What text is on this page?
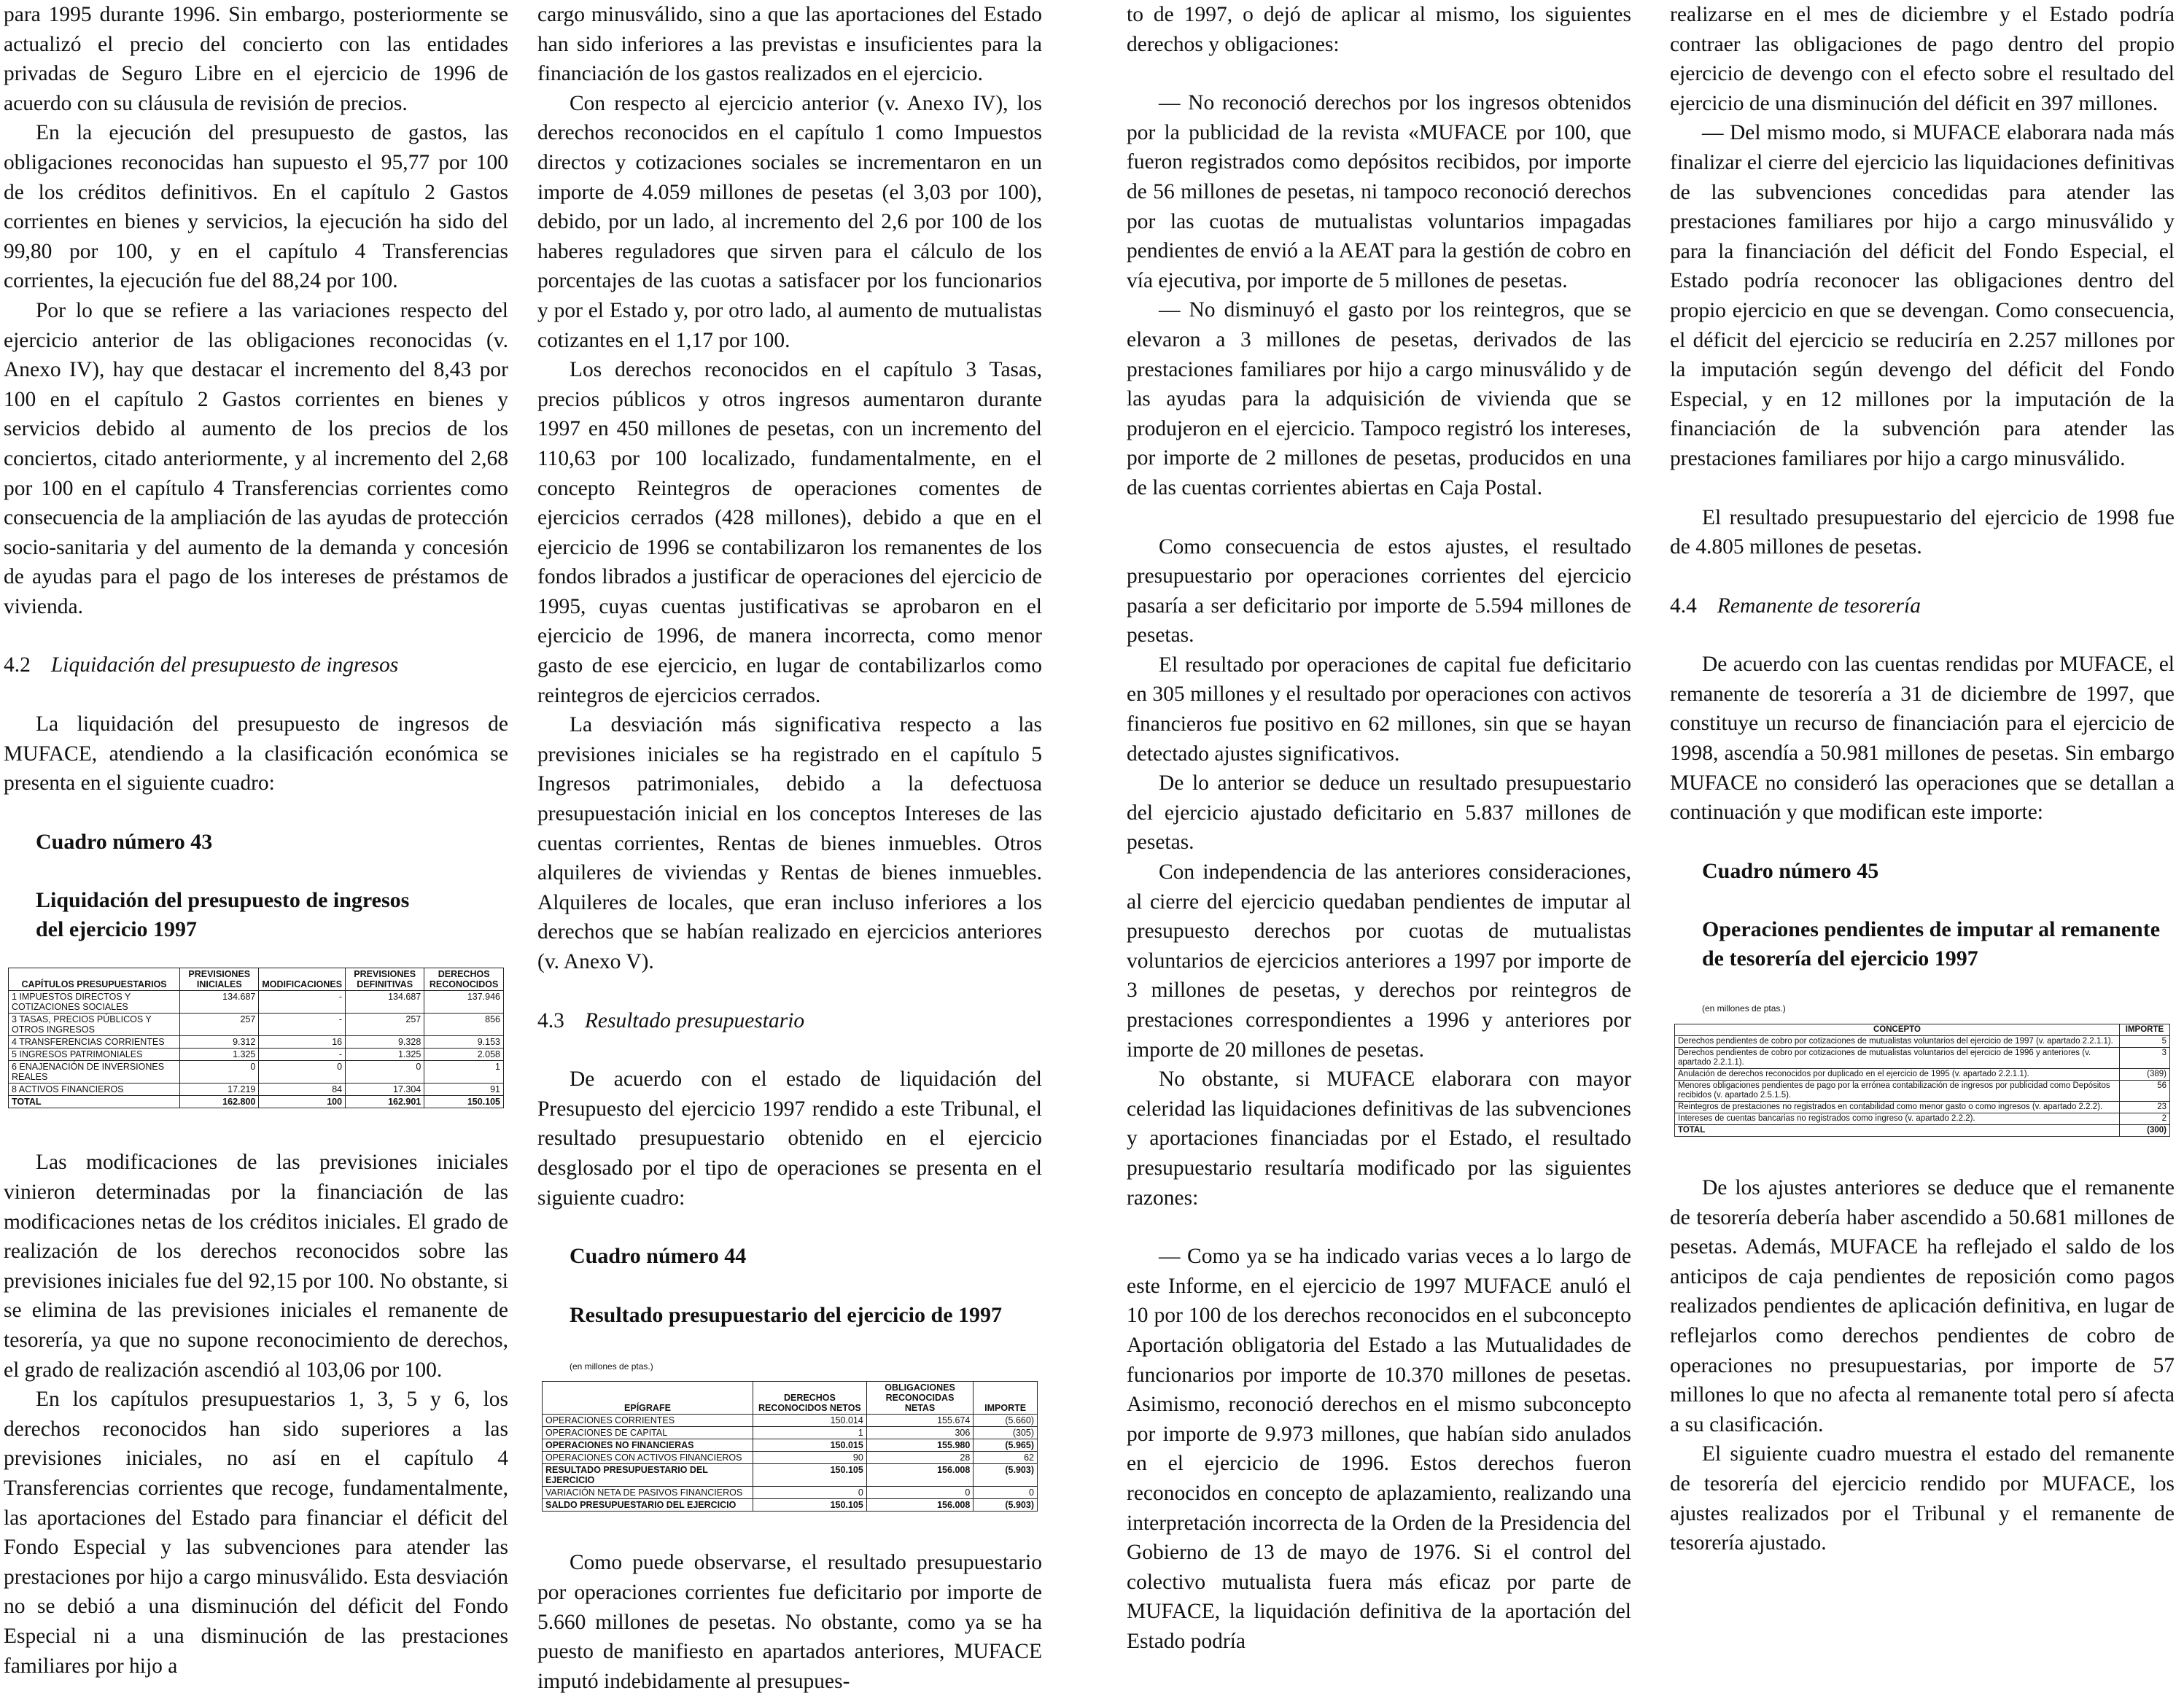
para 1995 durante 1996. Sin embargo, posteriormente se actualizó el precio del concierto con las entidades privadas de Seguro Libre en el ejercicio de 1996 de acuerdo con su cláusula de revisión de precios.

En la ejecución del presupuesto de gastos, las obligaciones reconocidas han supuesto el 95,77 por 100 de los créditos definitivos. En el capítulo 2 Gastos corrientes en bienes y servicios, la ejecución ha sido del 99,80 por 100, y en el capítulo 4 Transferencias corrientes, la ejecución fue del 88,24 por 100.

Por lo que se refiere a las variaciones respecto del ejercicio anterior de las obligaciones reconocidas (v. Anexo IV), hay que destacar el incremento del 8,43 por 100 en el capítulo 2 Gastos corrientes en bienes y servicios debido al aumento de los precios de los conciertos, citado anteriormente, y al incremento del 2,68 por 100 en el capítulo 4 Transferencias corrientes como consecuencia de la ampliación de las ayudas de protección socio-sanitaria y del aumento de la demanda y concesión de ayudas para el pago de los intereses de préstamos de vivienda.

4.2 Liquidación del presupuesto de ingresos

La liquidación del presupuesto de ingresos de MUFACE, atendiendo a la clasificación económica se presenta en el siguiente cuadro:

Cuadro número 43

Liquidación del presupuesto de ingresos

del ejercicio 1997

CAPÍTULOS PRESUPUESTARIOS	PREVISIONES INICIALES	MODIFICACIONES	PREVISIONES DEFINITIVAS	DERECHOS RECONOCIDOS
1 IMPUESTOS DIRECTOS Y COTIZACIONES SOCIALES	134.687	-	134.687	137.946
3 TASAS, PRECIOS PÚBLICOS Y OTROS INGRESOS	257	-	257	856
4 TRANSFERENCIAS CORRIENTES	9.312	16	9.328	9.153
5 INGRESOS PATRIMONIALES	1.325	-	1.325	2.058
6 ENAJENACIÓN DE INVERSIONES REALES	0	0	0	1
8 ACTIVOS FINANCIEROS	17.219	84	17.304	91
TOTAL	162.800	100	162.901	150.105

Las modificaciones de las previsiones iniciales vinieron determinadas por la financiación de las modificaciones netas de los créditos iniciales. El grado de realización de los derechos reconocidos sobre las previsiones iniciales fue del 92,15 por 100. No obstante, si se elimina de las previsiones iniciales el remanente de tesorería, ya que no supone reconocimiento de derechos, el grado de realización ascendió al 103,06 por 100.

En los capítulos presupuestarios 1, 3, 5 y 6, los derechos reconocidos han sido superiores a las previsiones iniciales, no así en el capítulo 4 Transferencias corrientes que recoge, fundamentalmente, las aportaciones del Estado para financiar el déficit del Fondo Especial y las subvenciones para atender las prestaciones por hijo a cargo minusválido. Esta desviación no se debió a una disminución del déficit del Fondo Especial ni a una disminución de las prestaciones familiares por hijo a

cargo minusválido, sino a que las aportaciones del Estado han sido inferiores a las previstas e insuficientes para la financiación de los gastos realizados en el ejercicio.

Con respecto al ejercicio anterior (v. Anexo IV), los derechos reconocidos en el capítulo 1 como Impuestos directos y cotizaciones sociales se incrementaron en un importe de 4.059 millones de pesetas (el 3,03 por 100), debido, por un lado, al incremento del 2,6 por 100 de los haberes reguladores que sirven para el cálculo de los porcentajes de las cuotas a satisfacer por los funcionarios y por el Estado y, por otro lado, al aumento de mutualistas cotizantes en el 1,17 por 100.

Los derechos reconocidos en el capítulo 3 Tasas, precios públicos y otros ingresos aumentaron durante 1997 en 450 millones de pesetas, con un incremento del 110,63 por 100 localizado, fundamentalmente, en el concepto Reintegros de operaciones comentes de ejercicios cerrados (428 millones), debido a que en el ejercicio de 1996 se contabilizaron los remanentes de los fondos librados a justificar de operaciones del ejercicio de 1995, cuyas cuentas justificativas se aprobaron en el ejercicio de 1996, de manera incorrecta, como menor gasto de ese ejercicio, en lugar de contabilizarlos como reintegros de ejercicios cerrados.

La desviación más significativa respecto a las previsiones iniciales se ha registrado en el capítulo 5 Ingresos patrimoniales, debido a la defectuosa presupuestación inicial en los conceptos Intereses de las cuentas corrientes, Rentas de bienes inmuebles. Otros alquileres de viviendas y Rentas de bienes inmuebles. Alquileres de locales, que eran incluso inferiores a los derechos que se habían realizado en ejercicios anteriores (v. Anexo V).

4.3 Resultado presupuestario

De acuerdo con el estado de liquidación del Presupuesto del ejercicio 1997 rendido a este Tribunal, el resultado presupuestario obtenido en el ejercicio desglosado por el tipo de operaciones se presenta en el siguiente cuadro:

Cuadro número 44

Resultado presupuestario del ejercicio de 1997

(en millones de ptas.)

EPÍGRAFE	DERECHOS RECONOCIDOS NETOS	OBLIGACIONES RECONOCIDAS NETAS	IMPORTE
OPERACIONES CORRIENTES	150.014	155.674	(5.660)
OPERACIONES DE CAPITAL	1	306	(305)
OPERACIONES NO FINANCIERAS	150.015	155.980	(5.965)
OPERACIONES CON ACTIVOS FINANCIEROS	90	28	62
RESULTADO PRESUPUESTARIO DEL EJERCICIO	150.105	156.008	(5.903)
VARIACIÓN NETA DE PASIVOS FINANCIEROS	0	0	0
SALDO PRESUPUESTARIO DEL EJERCICIO	150.105	156.008	(5.903)

Como puede observarse, el resultado presupuestario por operaciones corrientes fue deficitario por importe de 5.660 millones de pesetas. No obstante, como ya se ha puesto de manifiesto en apartados anteriores, MUFACE imputó indebidamente al presupues-

to de 1997, o dejó de aplicar al mismo, los siguientes derechos y obligaciones:

— No reconoció derechos por los ingresos obtenidos por la publicidad de la revista «MUFACE por 100, que fueron registrados como depósitos recibidos, por importe de 56 millones de pesetas, ni tampoco reconoció derechos por las cuotas de mutualistas voluntarios impagadas pendientes de envió a la AEAT para la gestión de cobro en vía ejecutiva, por importe de 5 millones de pesetas.

— No disminuyó el gasto por los reintegros, que se elevaron a 3 millones de pesetas, derivados de las prestaciones familiares por hijo a cargo minusválido y de las ayudas para la adquisición de vivienda que se produjeron en el ejercicio. Tampoco registró los intereses, por importe de 2 millones de pesetas, producidos en una de las cuentas corrientes abiertas en Caja Postal.

Como consecuencia de estos ajustes, el resultado presupuestario por operaciones corrientes del ejercicio pasaría a ser deficitario por importe de 5.594 millones de pesetas.

El resultado por operaciones de capital fue deficitario en 305 millones y el resultado por operaciones con activos financieros fue positivo en 62 millones, sin que se hayan detectado ajustes significativos.

De lo anterior se deduce un resultado presupuestario del ejercicio ajustado deficitario en 5.837 millones de pesetas.

Con independencia de las anteriores consideraciones, al cierre del ejercicio quedaban pendientes de imputar al presupuesto derechos por cuotas de mutualistas voluntarios de ejercicios anteriores a 1997 por importe de 3 millones de pesetas, y derechos por reintegros de prestaciones correspondientes a 1996 y anteriores por importe de 20 millones de pesetas.

No obstante, si MUFACE elaborara con mayor celeridad las liquidaciones definitivas de las subvenciones y aportaciones financiadas por el Estado, el resultado presupuestario resultaría modificado por las siguientes razones:

— Como ya se ha indicado varias veces a lo largo de este Informe, en el ejercicio de 1997 MUFACE anuló el 10 por 100 de los derechos reconocidos en el subconcepto Aportación obligatoria del Estado a las Mutualidades de funcionarios por importe de 10.370 millones de pesetas. Asimismo, reconoció derechos en el mismo subconcepto por importe de 9.973 millones, que habían sido anulados en el ejercicio de 1996. Estos derechos fueron reconocidos en concepto de aplazamiento, realizando una interpretación incorrecta de la Orden de la Presidencia del Gobierno de 13 de mayo de 1976. Si el control del colectivo mutualista fuera más eficaz por parte de MUFACE, la liquidación definitiva de la aportación del Estado podría

realizarse en el mes de diciembre y el Estado podría contraer las obligaciones de pago dentro del propio ejercicio de devengo con el efecto sobre el resultado del ejercicio de una disminución del déficit en 397 millones.

— Del mismo modo, si MUFACE elaborara nada más finalizar el cierre del ejercicio las liquidaciones definitivas de las subvenciones concedidas para atender las prestaciones familiares por hijo a cargo minusválido y para la financiación del déficit del Fondo Especial, el Estado podría reconocer las obligaciones dentro del propio ejercicio en que se devengan. Como consecuencia, el déficit del ejercicio se reduciría en 2.257 millones por la imputación según devengo del déficit del Fondo Especial, y en 12 millones por la imputación de la financiación de la subvención para atender las prestaciones familiares por hijo a cargo minusválido.

El resultado presupuestario del ejercicio de 1998 fue de 4.805 millones de pesetas.

4.4 Remanente de tesorería

De acuerdo con las cuentas rendidas por MUFACE, el remanente de tesorería a 31 de diciembre de 1997, que constituye un recurso de financiación para el ejercicio de 1998, ascendía a 50.981 millones de pesetas. Sin embargo MUFACE no consideró las operaciones que se detallan a continuación y que modifican este importe:

Cuadro número 45

Operaciones pendientes de imputar al remanente

de tesorería del ejercicio 1997

(en millones de ptas.)

CONCEPTO	IMPORTE
Derechos pendientes de cobro por cotizaciones de mutualistas voluntarios del ejercicio de 1997 (v. apartado 2.2.1.1).	5
Derechos pendientes de cobro por cotizaciones de mutualistas voluntarios del ejercicio de 1996 y anteriores (v. apartado 2.2.1.1).	3
Anulación de derechos reconocidos por duplicado en el ejercicio de 1995 (v. apartado 2.2.1.1).	(389)
Menores obligaciones pendientes de pago por la errónea contabilización de ingresos por publicidad como Depósitos recibidos (v. apartado 2.5.1.5).	56
Reintegros de prestaciones no registrados en contabilidad como menor gasto o como ingresos (v. apartado 2.2.2).	23
Intereses de cuentas bancarias no registrados como ingreso (v. apartado 2.2.2).	2
TOTAL	(300)

De los ajustes anteriores se deduce que el remanente de tesorería debería haber ascendido a 50.681 millones de pesetas. Además, MUFACE ha reflejado el saldo de los anticipos de caja pendientes de reposición como pagos realizados pendientes de aplicación definitiva, en lugar de reflejarlos como derechos pendientes de cobro de operaciones no presupuestarias, por importe de 57 millones lo que no afecta al remanente total pero sí afecta a su clasificación.

El siguiente cuadro muestra el estado del remanente de tesorería del ejercicio rendido por MUFACE, los ajustes realizados por el Tribunal y el remanente de tesorería ajustado.
